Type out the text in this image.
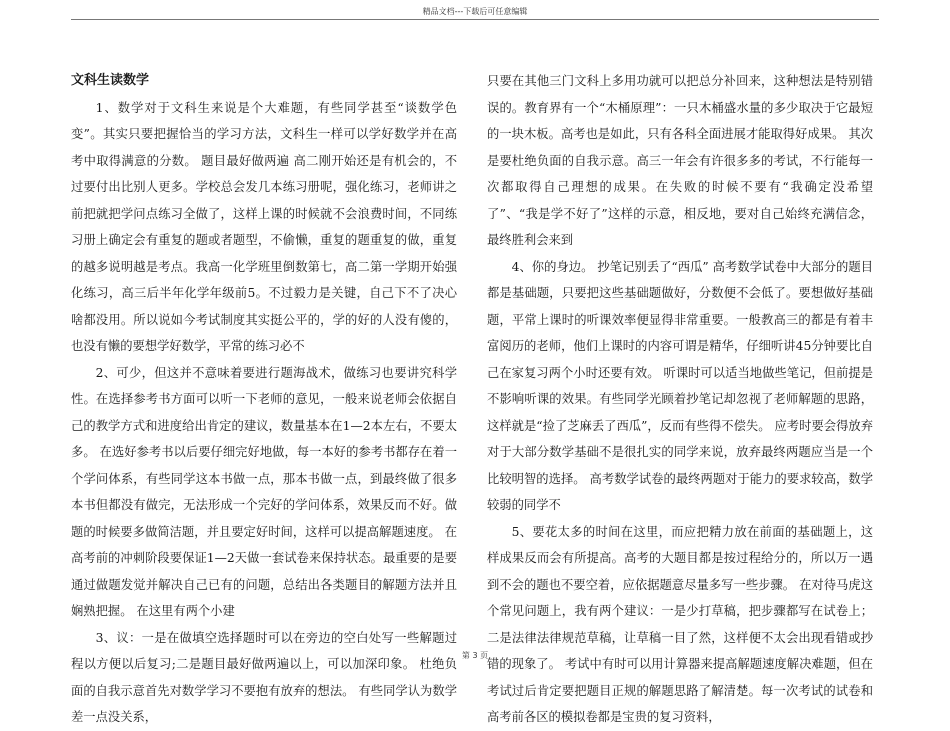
精品文档---下载后可任意编辑
文科生读数学

1、数学对于文科生来说是个大难题，有些同学甚至“谈数学色变”。其实只要把握恰当的学习方法，文科生一样可以学好数学并在高考中取得满意的分数。 题目最好做两遍 高二刚开始还是有机会的，不过要付出比别人更多。学校总会发几本练习册呢，强化练习，老师讲之前把就把学问点练习全做了，这样上课的时候就不会浪费时间，不同练习册上确定会有重复的题或者题型，不偷懒，重复的题重复的做，重复的越多说明越是考点。我高一化学班里倒数第七，高二第一学期开始强化练习，高三后半年化学年级前5。不过毅力是关键，自己下不了决心啥都没用。所以说如今考试制度其实挺公平的，学的好的人没有傻的，也没有懒的要想学好数学，平常的练习必不

2、可少，但这并不意味着要进行题海战术，做练习也要讲究科学性。在选择参考书方面可以听一下老师的意见，一般来说老师会依据自己的教学方式和进度给出肯定的建议，数量基本在1—2本左右，不要太多。 在选好参考书以后要仔细完好地做，每一本好的参考书都存在着一个学问体系，有些同学这本书做一点，那本书做一点，到最终做了很多本书但都没有做完，无法形成一个完好的学问体系，效果反而不好。做题的时候要多做简洁题，并且要定好时间，这样可以提高解题速度。 在高考前的冲刺阶段要保证1—2天做一套试卷来保持状态。最重要的是要通过做题发觉并解决自己已有的问题，总结出各类题目的解题方法并且娴熟把握。 在这里有两个小建

3、议：一是在做填空选择题时可以在旁边的空白处写一些解题过程以方便以后复习;二是题目最好做两遍以上，可以加深印象。 杜绝负面的自我示意首先对数学学习不要抱有放弃的想法。 有些同学认为数学差一点没关系，

只要在其他三门文科上多用功就可以把总分补回来，这种想法是特别错误的。教育界有一个“木桶原理”：一只木桶盛水量的多少取决于它最短的一块木板。高考也是如此，只有各科全面进展才能取得好成果。 其次是要杜绝负面的自我示意。高三一年会有许很多多的考试，不行能每一次都取得自己理想的成果。在失败的时候不要有“我确定没希望了”、“我是学不好了”这样的示意，相反地，要对自己始终充满信念，最终胜利会来到

4、你的身边。 抄笔记别丢了“西瓜” 高考数学试卷中大部分的题目都是基础题，只要把这些基础题做好，分数便不会低了。要想做好基础题，平常上课时的听课效率便显得非常重要。一般教高三的都是有着丰富阅历的老师，他们上课时的内容可谓是精华，仔细听讲45分钟要比自己在家复习两个小时还要有效。 听课时可以适当地做些笔记，但前提是不影响听课的效果。有些同学光顾着抄笔记却忽视了老师解题的思路，这样就是“捡了芝麻丢了西瓜”，反而有些得不偿失。 应考时要会得放弃 对于大部分数学基础不是很扎实的同学来说，放弃最终两题应当是一个比较明智的选择。 高考数学试卷的最终两题对于能力的要求较高，数学较弱的同学不

5、要花太多的时间在这里，而应把精力放在前面的基础题上，这样成果反而会有所提高。高考的大题目都是按过程给分的，所以万一遇到不会的题也不要空着，应依据题意尽量多写一些步骤。 在对待马虎这个常见问题上，我有两个建议：一是少打草稿，把步骤都写在试卷上；二是法律法律规范草稿，让草稿一目了然，这样便不太会出现看错或抄错的现象了。 考试中有时可以用计算器来提高解题速度解决难题，但在考试过后肯定要把题目正规的解题思路了解清楚。每一次考试的试卷和高考前各区的模拟卷都是宝贵的复习资料，

第 3 页
